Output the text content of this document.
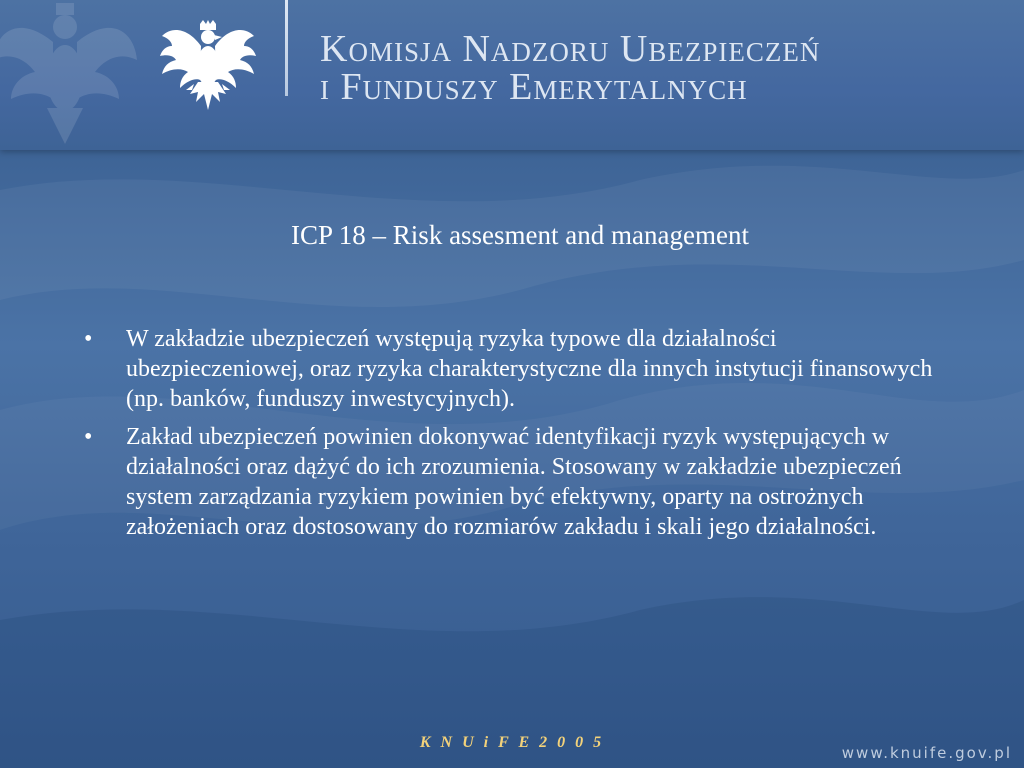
Komisja Nadzoru Ubezpieczeń
i Funduszy Emerytalnych
ICP 18 – Risk assesment and management
• W zakładzie ubezpieczeń występują ryzyka typowe dla działalności ubezpieczeniowej, oraz ryzyka charakterystyczne dla innych instytucji finansowych (np. banków, funduszy inwestycyjnych).
• Zakład ubezpieczeń powinien dokonywać identyfikacji ryzyk występujących w działalności oraz dążyć do ich zrozumienia. Stosowany w zakładzie ubezpieczeń system zarządzania ryzykiem powinien być efektywny, oparty na ostrożnych założeniach oraz dostosowany do rozmiarów zakładu i skali jego działalności.
K N U i F E 2 0 0 5
www.knuife.gov.pl
